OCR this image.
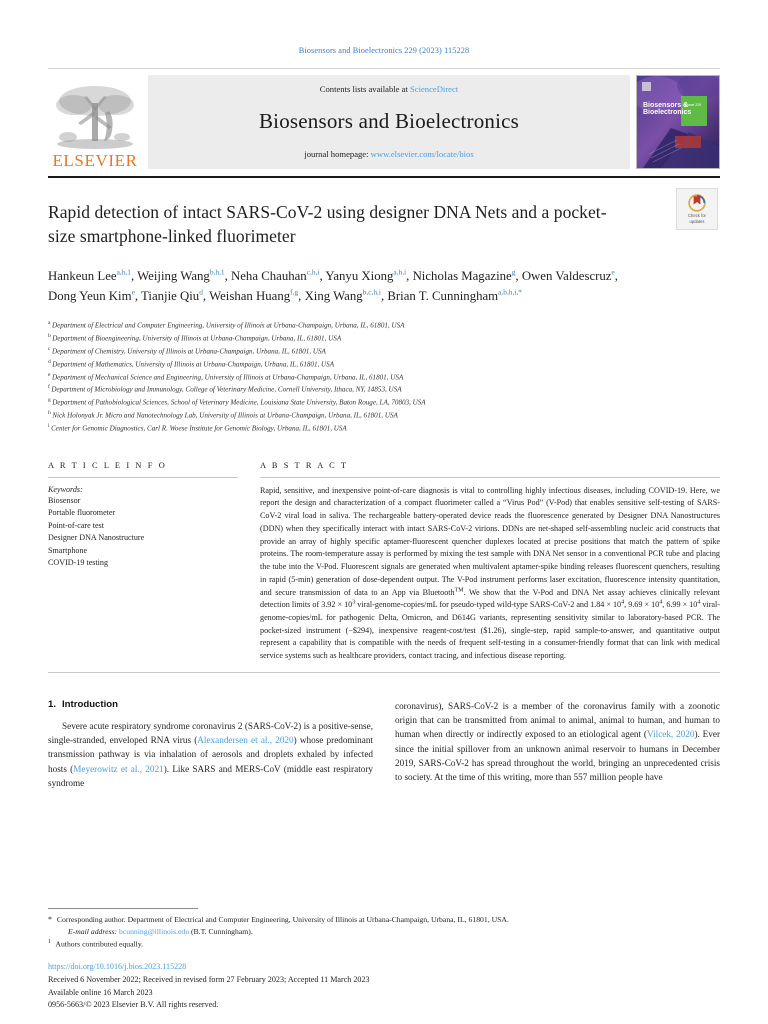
Biosensors and Bioelectronics 229 (2023) 115228
ELSEVIER
Contents lists available at ScienceDirect
Biosensors and Bioelectronics
journal homepage: www.elsevier.com/locate/bios
Biosensors &
Bioelectronics
Volume 229
Rapid detection of intact SARS-CoV-2 using designer DNA Nets and a pocket-size smartphone-linked fluorimeter
Check for
updates
Hankeun Lee$^{a,h,1}$, Weijing Wang$^{b,h,1}$, Neha Chauhan$^{c,h,i}$, Yanyu Xiong$^{a,h,i}$, Nicholas Magazine$^g$, Owen Valdescruz$^e$, Dong Yeun Kim$^e$, Tianjie Qiu$^d$, Weishan Huang$^{f,g}$, Xing Wang$^{b,c,h,i}$, Brian T. Cunningham$^{a,b,h,i,*}$
$^a$ Department of Electrical and Computer Engineering, University of Illinois at Urbana-Champaign, Urbana, IL, 61801, USA
$^b$ Department of Bioengineering, University of Illinois at Urbana-Champaign, Urbana, IL, 61801, USA
$^c$ Department of Chemistry, University of Illinois at Urbana-Champaign, Urbana, IL, 61801, USA
$^d$ Department of Mathematics, University of Illinois at Urbana-Champaign, Urbana, IL, 61801, USA
$^e$ Department of Mechanical Science and Engineering, University of Illinois at Urbana-Champaign, Urbana, IL, 61801, USA
$^f$ Department of Microbiology and Immunology, College of Veterinary Medicine, Cornell University, Ithaca, NY, 14853, USA
$^g$ Department of Pathobiological Sciences, School of Veterinary Medicine, Louisiana State University, Baton Rouge, LA, 70803, USA
$^h$ Nick Holonyak Jr. Micro and Nanotechnology Lab, University of Illinois at Urbana-Champaign, Urbana, IL, 61801, USA
$^i$ Center for Genomic Diagnostics, Carl R. Woese Institute for Genomic Biology, Urbana, IL, 61801, USA
A R T I C L E I N F O
Keywords:
Biosensor
Portable fluorometer
Point-of-care test
Designer DNA Nanostructure
Smartphone
COVID-19 testing
A B S T R A C T
Rapid, sensitive, and inexpensive point-of-care diagnosis is vital to controlling highly infectious diseases, including COVID-19. Here, we report the design and characterization of a compact fluorimeter called a “Virus Pod” (V-Pod) that enables sensitive self-testing of SARS-CoV-2 viral load in saliva. The rechargeable battery-operated device reads the fluorescence generated by Designer DNA Nanostructures (DDN) when they specifically interact with intact SARS-CoV-2 virions. DDNs are net-shaped self-assembling nucleic acid constructs that provide an array of highly specific aptamer-fluorescent quencher duplexes located at precise positions that match the pattern of spike proteins. The room-temperature assay is performed by mixing the test sample with DNA Net sensor in a conventional PCR tube and placing the tube into the V-Pod. Fluorescent signals are generated when multivalent aptamer-spike binding releases fluorescent quenchers, resulting in rapid (5-min) generation of dose-dependent output. The V-Pod instrument performs laser excitation, fluorescence intensity quantitation, and secure transmission of data to an App via Bluetooth™. We show that the V-Pod and DNA Net assay achieves clinically relevant detection limits of $3.92 \times 10^3$ viral-genome-copies/mL for pseudo-typed wild-type SARS-CoV-2 and $1.84 \times 10^4$, $9.69 \times 10^4$, $6.99 \times 10^4$ viral-genome-copies/mL for pathogenic Delta, Omicron, and D614G variants, representing sensitivity similar to laboratory-based PCR. The pocket-sized instrument (−$294), inexpensive reagent-cost/test ($1.26), single-step, rapid sample-to-answer, and quantitative output represent a capability that is compatible with the needs of frequent self-testing in a consumer-friendly format that can link with medical service systems such as healthcare providers, contact tracing, and infectious disease reporting.
1. Introduction

Severe acute respiratory syndrome coronavirus 2 (SARS-CoV-2) is a positive-sense, single-stranded, enveloped RNA virus (Alexandersen et al., 2020) whose predominant transmission pathway is via inhalation of aerosols and droplets exhaled by infected hosts (Meyerowitz et al., 2021). Like SARS and MERS-CoV (middle east respiratory syndrome

coronavirus), SARS-CoV-2 is a member of the coronavirus family with a zoonotic origin that can be transmitted from animal to animal, animal to human, and human to human when directly or indirectly exposed to an etiological agent (Vilcek, 2020). Ever since the initial spillover from an unknown animal reservoir to humans in December 2019, SARS-CoV-2 has spread throughout the world, bringing an unprecedented crisis to society. At the time of this writing, more than 557 million people have

* Corresponding author. Department of Electrical and Computer Engineering, University of Illinois at Urbana-Champaign, Urbana, IL, 61801, USA.
E-mail address: bcunning@illinois.edu (B.T. Cunningham).
$^1$ Authors contributed equally.
https://doi.org/10.1016/j.bios.2023.115228
Received 6 November 2022; Received in revised form 27 February 2023; Accepted 11 March 2023
Available online 16 March 2023
0956-5663/© 2023 Elsevier B.V. All rights reserved.
